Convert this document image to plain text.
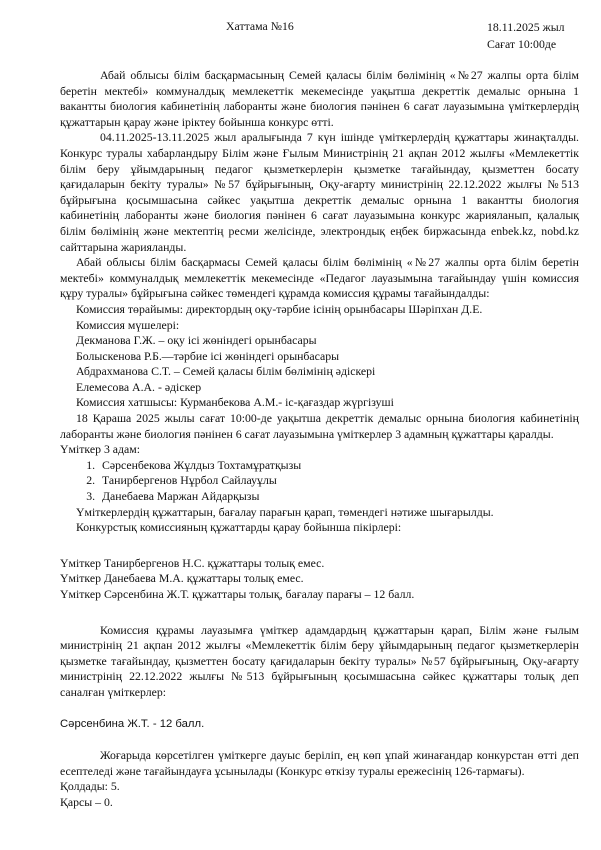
Хаттама №16	18.11.2025 жыл
Сағат 10:00де

Абай облысы білім басқармасының Семей қаласы білім бөлімінің «№27 жалпы орта білім беретін мектебі» коммуналдық мемлекеттік мекемесінде уақытша декреттік демалыс орнына 1 вакантты биология кабинетінің лаборанты және биология пәнінен 6 сағат лауазымына үміткерлердің құжаттарын қарау және іріктеу бойынша конкурс өтті.

04.11.2025-13.11.2025 жыл аралығында 7 күн ішінде үміткерлердің құжаттары жинақталды. Конкурс туралы хабарландыру Білім және Ғылым Министрінің 21 ақпан 2012 жылғы «Мемлекеттік білім беру ұйымдарының педагог қызметкерлерін қызметке тағайындау, қызметтен босату қағидаларын бекіту туралы» №57 бұйрығының, Оқу-ағарту министрінің 22.12.2022 жылғы №513 бұйрығына қосымшасына сәйкес уақытша декреттік демалыс орнына 1 вакантты биология кабинетінің лаборанты және биология пәнінен 6 сағат лауазымына конкурс жарияланып, қалалық білім бөлімінің және мектептің ресми желісінде, электрондық еңбек биржасында enbek.kz, nobd.kz сайттарына жарияланды.

Абай облысы білім басқармасы Семей қаласы білім бөлімінің «№27 жалпы орта білім беретін мектебі» коммуналдық мемлекеттік мекемесінде «Педагог лауазымына тағайындау үшін комиссия құру туралы» бұйрығына сәйкес төмендегі құрамда комиссия құрамы тағайындалды:

Комиссия төрайымы: директордың оқу-тәрбие ісінің орынбасары Шәріпхан Д.Е.

Комиссия мүшелері:

Декманова Г.Ж. – оқу ісі жөніндегі орынбасары

Болыскенова Р.Б.—тәрбие ісі жөніндегі орынбасары

Абдрахманова С.Т. – Семей қаласы білім бөлімінің әдіскері

Елемесова А.А. - әдіскер

Комиссия хатшысы: Курманбекова А.М.- іс-қағаздар жүргізуші

18 Қараша 2025 жылы сағат 10:00-де уақытша декреттік демалыс орнына биология кабинетінің лаборанты және биология пәнінен 6 сағат лауазымына үміткерлер 3 адамның құжаттары қаралды.

Үміткер 3 адам:

1. Сәрсенбекова Жұлдыз Тохтамұратқызы
2. Танирбергенов Нұрбол Сайлауұлы
3. Данебаева Маржан Айдарқызы

Үміткерлердің құжаттарын, бағалау парағын қарап, төмендегі нәтиже шығарылды.

Конкурстық комиссияның құжаттарды қарау бойынша пікірлері:

Үміткер Танирбергенов Н.С. құжаттары толық емес.

Үміткер Данебаева М.А. құжаттары толық емес.

Үміткер Сәрсенбина Ж.Т. құжаттары толық, бағалау парағы – 12 балл.

Комиссия құрамы лауазымға үміткер адамдардың құжаттарын қарап, Білім және ғылым министрінің 21 ақпан 2012 жылғы «Мемлекеттік білім беру ұйымдарының педагог қызметкерлерін қызметке тағайындау, қызметтен босату қағидаларын бекіту туралы» №57 бұйрығының, Оқу-ағарту министрінің 22.12.2022 жылғы №513 бұйрығының қосымшасына сәйкес құжаттары толық деп саналған үміткерлер:

Сәрсенбина Ж.Т. - 12 балл.

Жоғарыда көрсетілген үміткерге дауыс беріліп, ең көп ұпай жинағандар конкурстан өтті деп есептеледі және тағайындауға ұсынылады (Конкурс өткізу туралы ережесінің 126-тармағы).

Қолдады: 5.

Қарсы – 0.
